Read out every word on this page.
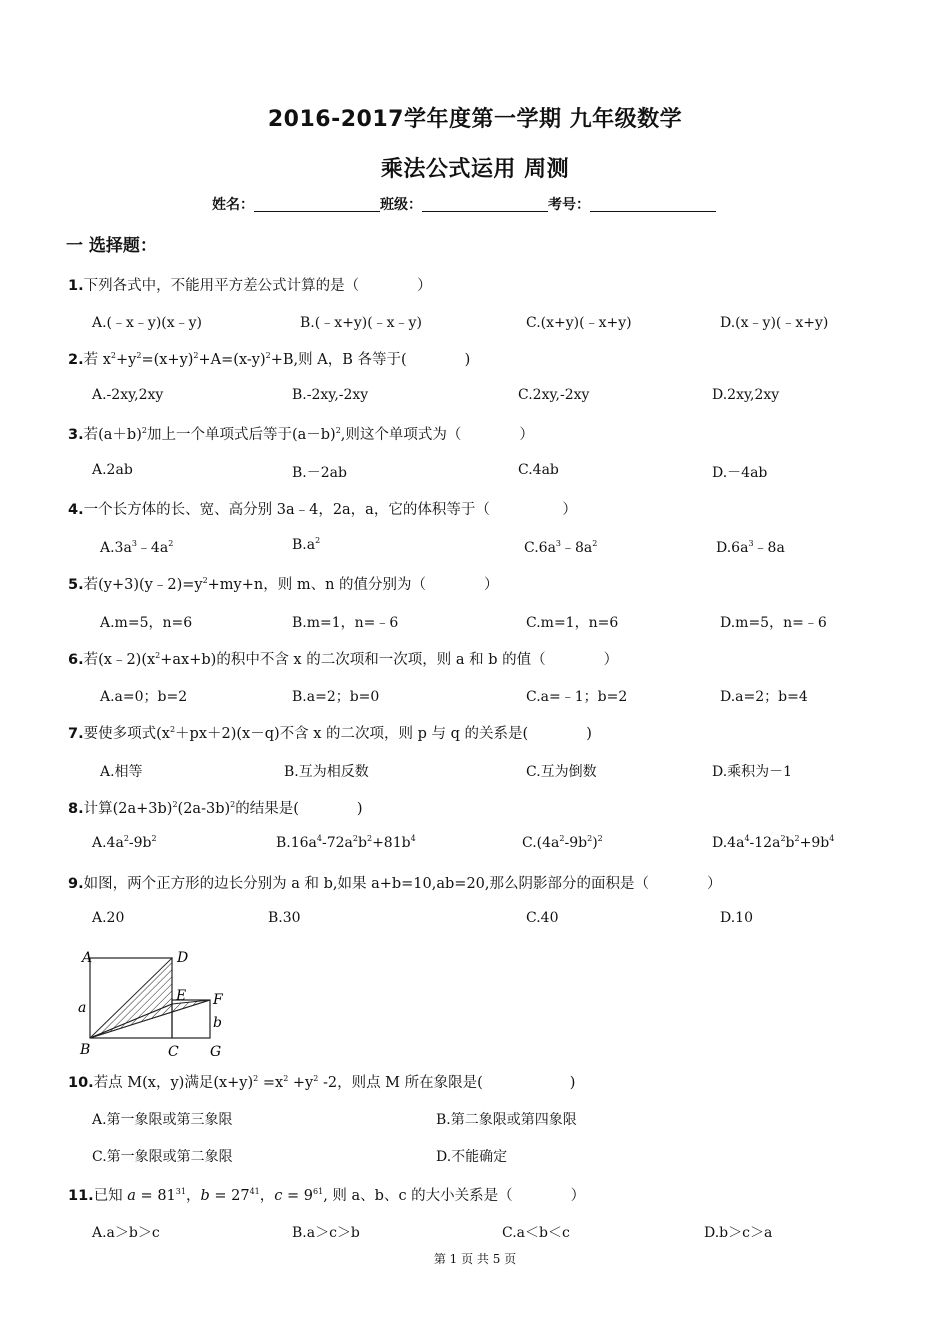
2016-2017学年度第一学期 九年级数学
乘法公式运用 周测
姓名：	班级：	考号：
一 选择题：
1.下列各式中，不能用平方差公式计算的是（　　　　）
A.(﹣x﹣y)(x﹣y)	B.(﹣x+y)(﹣x﹣y)	C.(x+y)(﹣x+y)	D.(x﹣y)(﹣x+y)
2.若 $x^2+y^2=(x+y)^2+A=(x-y)^2+B$,则 A，B 各等于(　　　　)
A.-2xy,2xy	B.-2xy,-2xy	C.2xy,-2xy	D.2xy,2xy
3.若$(a+b)^2$加上一个单项式后等于$(a-b)^2$,则这个单项式为（　　　　）
A.2ab	B.－2ab	C.4ab	D.－4ab
4.一个长方体的长、宽、高分别 3a﹣4，2a，a，它的体积等于（　　　　　）
$A.3a^3﹣4a^2$	$B.a^2$	$C.6a^3﹣8a^2$	$D.6a^3﹣8a$
5.若$(y+3)(y﹣2)=y^2+my+n$，则 m、n 的值分别为（　　　　）
A.m=5，n=6	B.m=1，n=﹣6	C.m=1，n=6	D.m=5，n=﹣6
6.若$(x﹣2)(x^2+ax+b)$的积中不含 x 的二次项和一次项，则 a 和 b 的值（　　　　）
A.a=0；b=2	B.a=2；b=0	C.a=﹣1；b=2	D.a=2；b=4
7.要使多项式$(x^2+px+2)(x-q)$不含 x 的二次项，则 p 与 q 的关系是(　　　　)
A.相等	B.互为相反数	C.互为倒数	D.乘积为－1
8.计算$(2a+3b)^2(2a-3b)^2$的结果是(　　　　)
$A.4a^2-9b^2$	$B.16a^4-72a^2b^2+81b^4$	$C.(4a^2-9b^2)^2$	$D.4a^4-12a^2b^2+9b^4$
9.如图，两个正方形的边长分别为 a 和 b,如果 a+b=10,ab=20,那么阴影部分的面积是（　　　　）
A.20	B.30	C.40	D.10
A	D
E F
B	C G
a
b
10.若点 M(x，y)满足$(x+y)^2 =x^2 +y^2$ -2，则点 M 所在象限是(　　　　　　)
A.第一象限或第三象限	B.第二象限或第四象限
C.第一象限或第二象限	D.不能确定
11.已知 $a = 81^{31}$，$b = 27^{41}$，$c = 9^{61}$, 则 a、b、c 的大小关系是（　　　　）
A.a＞b＞c	B.a＞c＞b	C.a＜b＜c	D.b＞c＞a
第 1 页 共 5 页
